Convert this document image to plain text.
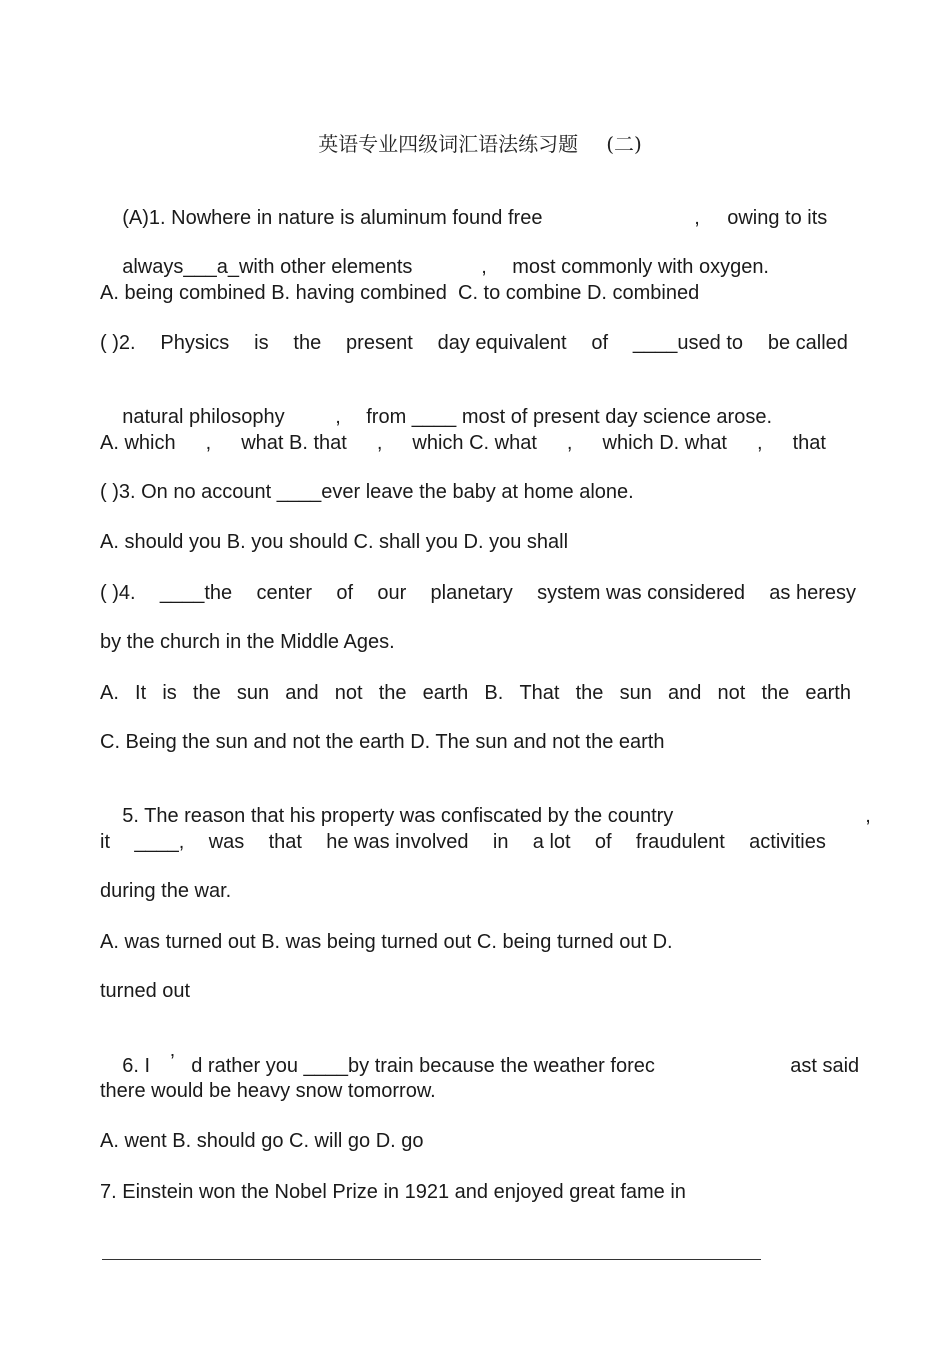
英语专业四级词汇语法练习题 (二)

(A)1. Nowhere in nature is aluminum found free
	,
	owing to its

always___a_with other elements
	,
	most commonly with oxygen.

A. being combined B. having combined  C. to combine D. combined
( )2. Physics is the present day equivalent of ____used to be called

natural philosophy
	,
	from ____ most of present day science arose.

A. which , what B. that , which C. what , which D. what , that
( )3. On no account ____ever leave the baby at home alone.
A. should you B. you should C. shall you D. you shall
( )4. ____the center of our planetary system was considered as heresy
by the church in the Middle Ages.
A. It is the sun and not the earth B. That the sun and not the earth
C. Being the sun and not the earth D. The sun and not the earth

5. The reason that his property was confiscated by the country
	,

it ____, was that he was involved in a lot of fraudulent activities
during the war.
A. was turned out B. was being turned out C. being turned out D.
turned out

6. I
	’
d rather you ____by train because the weather forec
	ast said

there would be heavy snow tomorrow.
A. went B. should go C. will go D. go
7. Einstein won the Nobel Prize in 1921 and enjoyed great fame in
